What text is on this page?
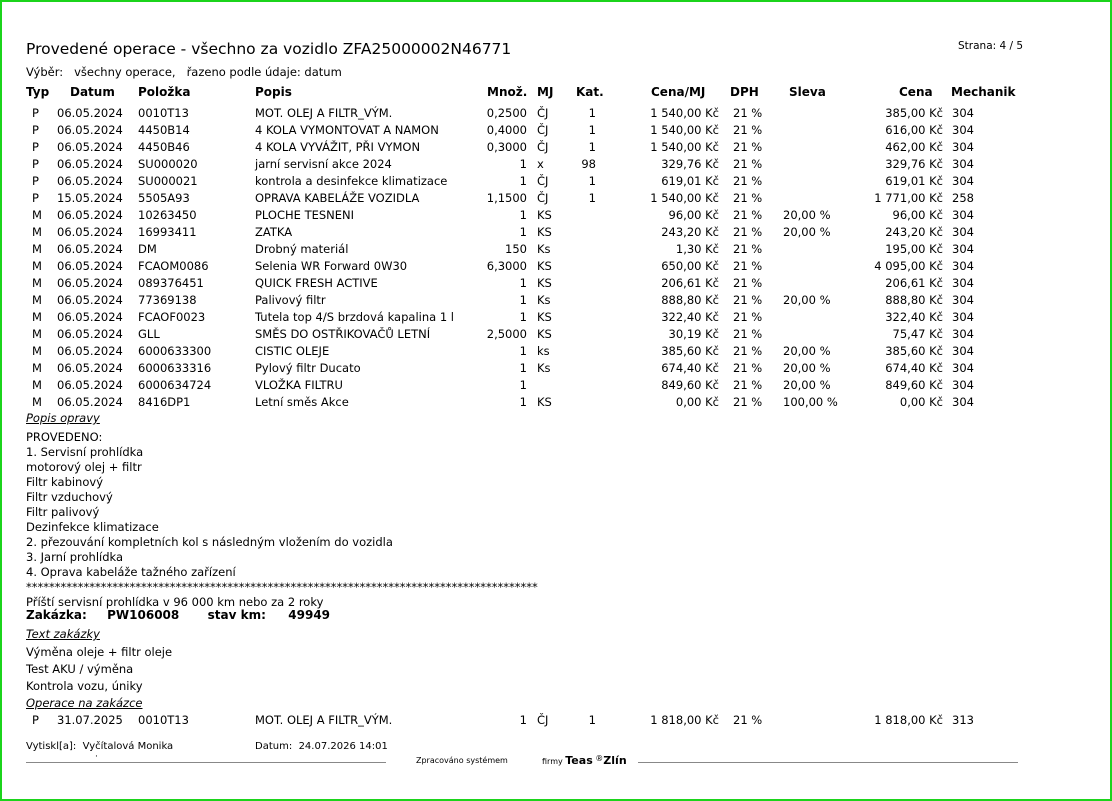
Provedené operace - všechno za vozidlo ZFA25000002N46771	Strana: 4 / 5
Výběr: všechny operace, řazeno podle údaje: datum
Typ Datum Položka	Popis	Množ. MJ Kat.	Cena/MJ DPH	Sleva	Cena Mechanik
P	06.05.2024	0010T13	MOT. OLEJ A FILTR_VÝM.	0,2500 ČJ	1	1 540,00 Kč 21 %	385,00 Kč 304
P	06.05.2024	4450B14	4 KOLA VYMONTOVAT A NAMON	0,4000 ČJ	1	1 540,00 Kč 21 %	616,00 Kč 304
P	06.05.2024	4450B46	4 KOLA VYVÁŽIT, PŘI VYMON	0,3000 ČJ	1	1 540,00 Kč 21 %	462,00 Kč 304
P	06.05.2024	SU000020	jarní servisní akce 2024	1 x	98	329,76 Kč 21 %	329,76 Kč 304
P	06.05.2024	SU000021	kontrola a desinfekce klimatizace	1 ČJ	1	619,01 Kč 21 %	619,01 Kč 304
P	15.05.2024	5505A93	OPRAVA KABELÁŽE VOZIDLA	1,1500 ČJ	1	1 540,00 Kč 21 %	1 771,00 Kč 258
M	06.05.2024	10263450	PLOCHE TESNENI	1 KS	96,00 Kč 21 %	20,00 %	96,00 Kč 304
M	06.05.2024	16993411	ZATKA	1 KS	243,20 Kč 21 %	20,00 %	243,20 Kč 304
M	06.05.2024	DM	Drobný materiál	150 Ks	1,30 Kč 21 %	195,00 Kč 304
M	06.05.2024	FCAOM0086	Selenia WR Forward 0W30	6,3000 KS	650,00 Kč 21 %	4 095,00 Kč 304
M	06.05.2024	089376451	QUICK FRESH ACTIVE	1 KS	206,61 Kč 21 %	206,61 Kč 304
M	06.05.2024	77369138	Palivový filtr	1 Ks	888,80 Kč 21 %	20,00 %	888,80 Kč 304
M	06.05.2024	FCAOF0023	Tutela top 4/S brzdová kapalina 1 l	1 KS	322,40 Kč 21 %	322,40 Kč 304
M	06.05.2024	GLL	SMĚS DO OSTŘIKOVAČŮ LETNÍ	2,5000 KS	30,19 Kč 21 %	75,47 Kč 304
M	06.05.2024	6000633300	CISTIC OLEJE	1 ks	385,60 Kč 21 %	20,00 %	385,60 Kč 304
M	06.05.2024	6000633316	Pylový filtr Ducato	1 Ks	674,40 Kč 21 %	20,00 %	674,40 Kč 304
M	06.05.2024	6000634724	VLOŽKA FILTRU	1	849,60 Kč 21 %	20,00 %	849,60 Kč 304
M	06.05.2024	8416DP1	Letní směs Akce	1 KS	0,00 Kč 21 %	100,00 %	0,00 Kč 304
Popis opravy
PROVEDENO:
1. Servisní prohlídka
motorový olej + filtr
Filtr kabinový
Filtr vzduchový
Filtr palivový
Dezinfekce klimatizace
2. přezouvání kompletních kol s následným vložením do vozidla
3. Jarní prohlídka
4. Oprava kabeláže tažného zařízení
*****************************************************************************************
Příští servisní prohlídka v 96 000 km nebo za 2 roky
Zakázka: PW106008 stav km: 49949
Text zakázky
Výměna oleje + filtr oleje
Test AKU / výměna
Kontrola vozu, úniky
Operace na zakázce
P	31.07.2025	0010T13	MOT. OLEJ A FILTR_VÝM.	1 ČJ	1	1 818,00 Kč 21 %	1 818,00 Kč 313
Vytiskl[a]: Vyčítalová Monika	Datum: 24.07.2026 14:01
·	Zpracováno systémem	firmy Teas ®Zlín
